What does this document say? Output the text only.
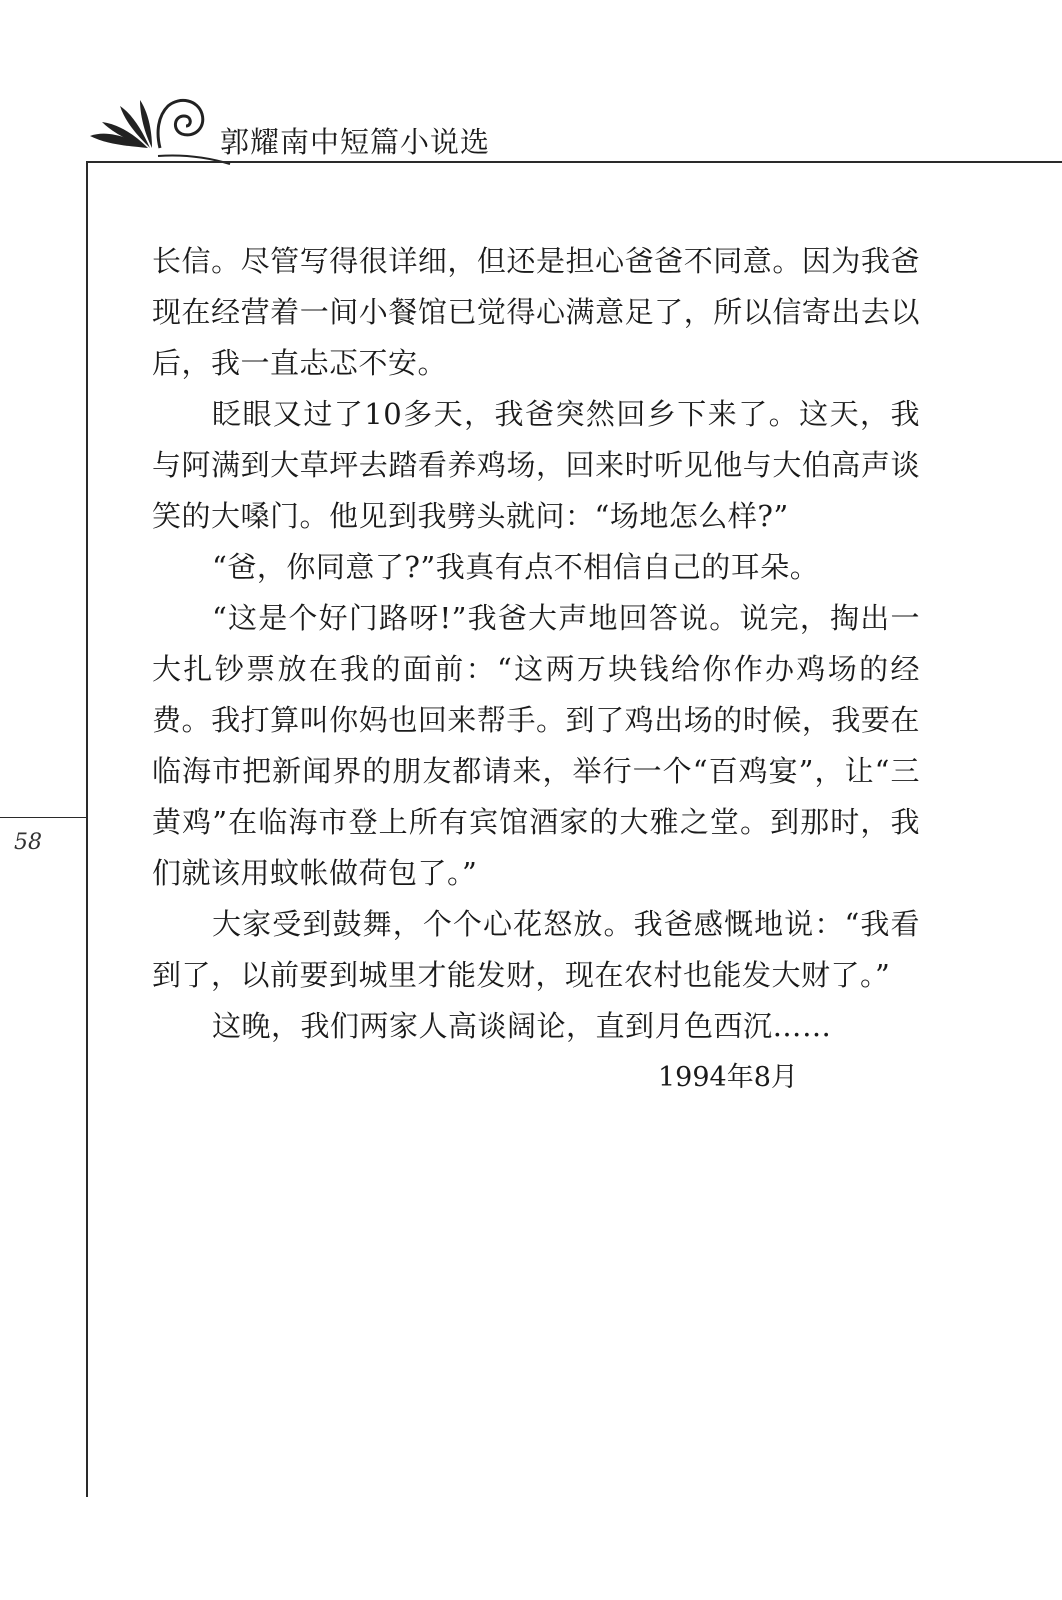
郭耀南中短篇小说选
58

长信。尽管写得很详细，但还是担心爸爸不同意。因为我爸现在经营着一间小餐馆已觉得心满意足了，所以信寄出去以后，我一直忐忑不安。

眨眼又过了10多天，我爸突然回乡下来了。这天，我与阿满到大草坪去踏看养鸡场，回来时听见他与大伯高声谈笑的大嗓门。他见到我劈头就问：“场地怎么样?”

“爸，你同意了?”我真有点不相信自己的耳朵。

“这是个好门路呀!”我爸大声地回答说。说完，掏出一大扎钞票放在我的面前：“这两万块钱给你作办鸡场的经费。我打算叫你妈也回来帮手。到了鸡出场的时候，我要在临海市把新闻界的朋友都请来，举行一个“百鸡宴”，让“三黄鸡”在临海市登上所有宾馆酒家的大雅之堂。到那时，我们就该用蚊帐做荷包了。”

大家受到鼓舞，个个心花怒放。我爸感慨地说：“我看到了，以前要到城里才能发财，现在农村也能发大财了。”

这晚，我们两家人高谈阔论，直到月色西沉……

1994年8月
